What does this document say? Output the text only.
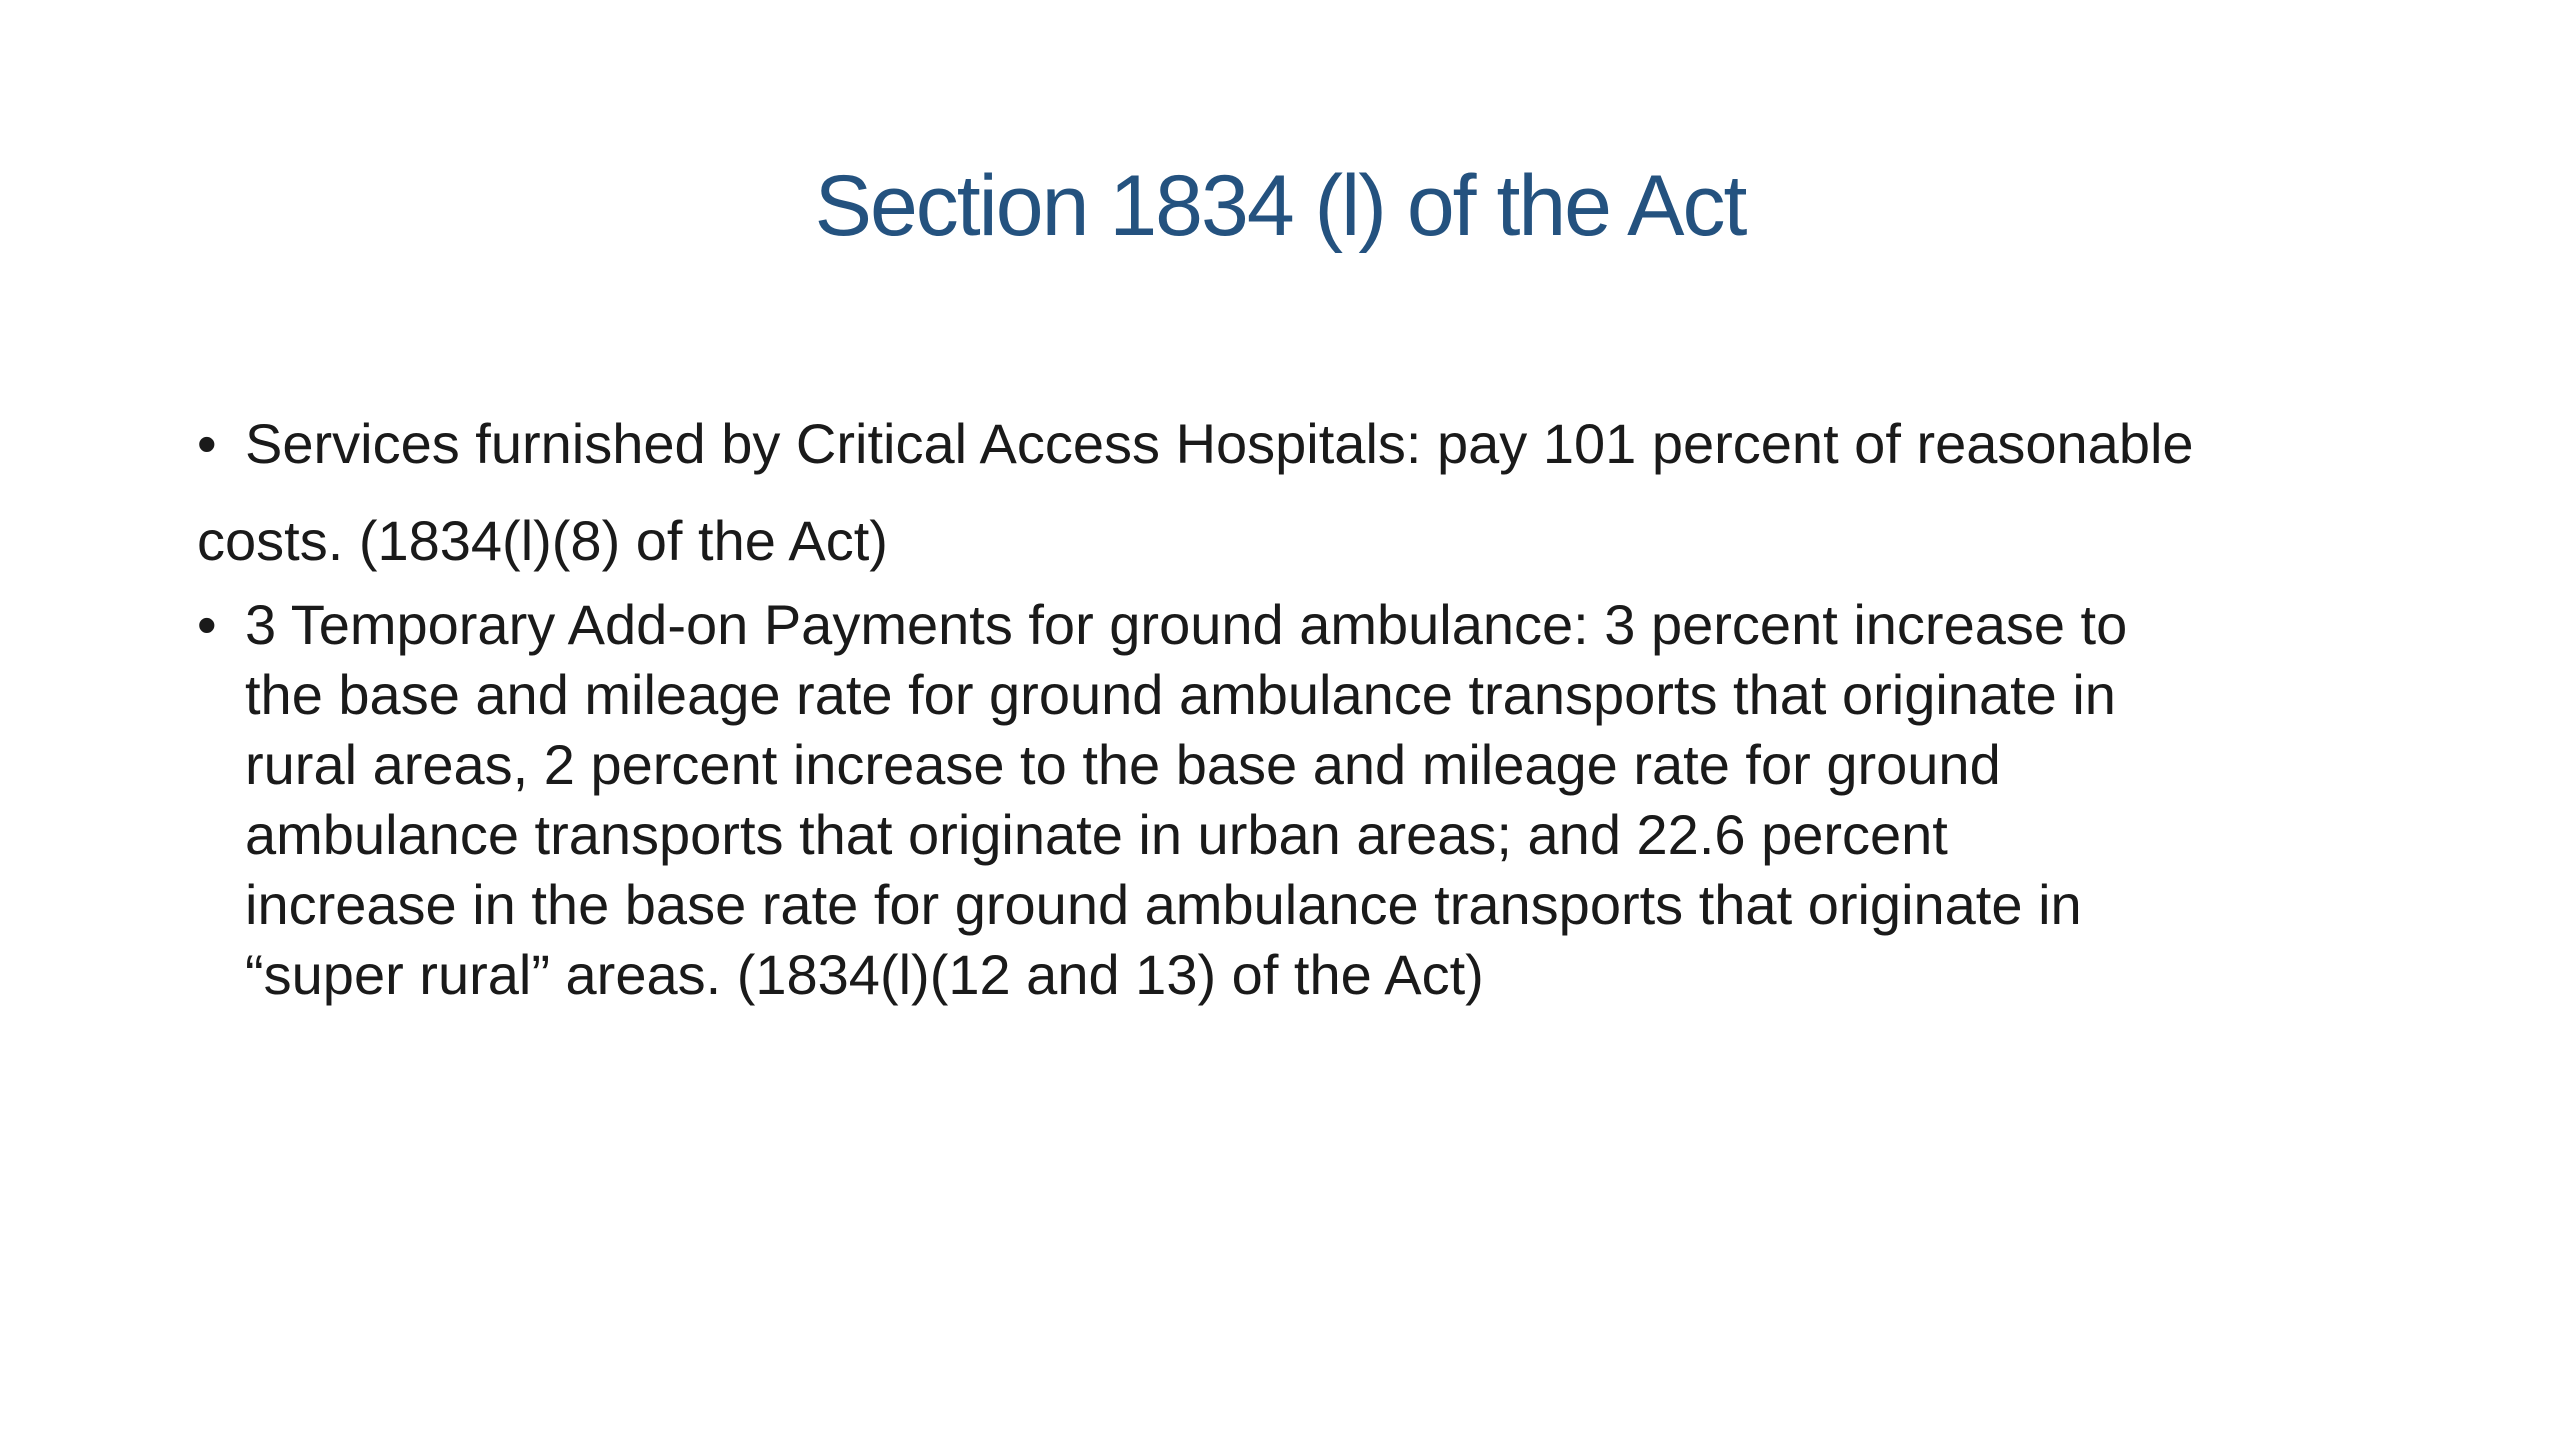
Section 1834 (l) of the Act
• Services furnished by Critical Access Hospitals: pay 101 percent of reasonable
costs. (1834(l)(8) of the Act)
• 3 Temporary Add-on Payments for ground ambulance: 3 percent increase to
the base and mileage rate for ground ambulance transports that originate in
rural areas, 2 percent increase to the base and mileage rate for ground
ambulance transports that originate in urban areas; and 22.6 percent
increase in the base rate for ground ambulance transports that originate in
“super rural” areas. (1834(l)(12 and 13) of the Act)
